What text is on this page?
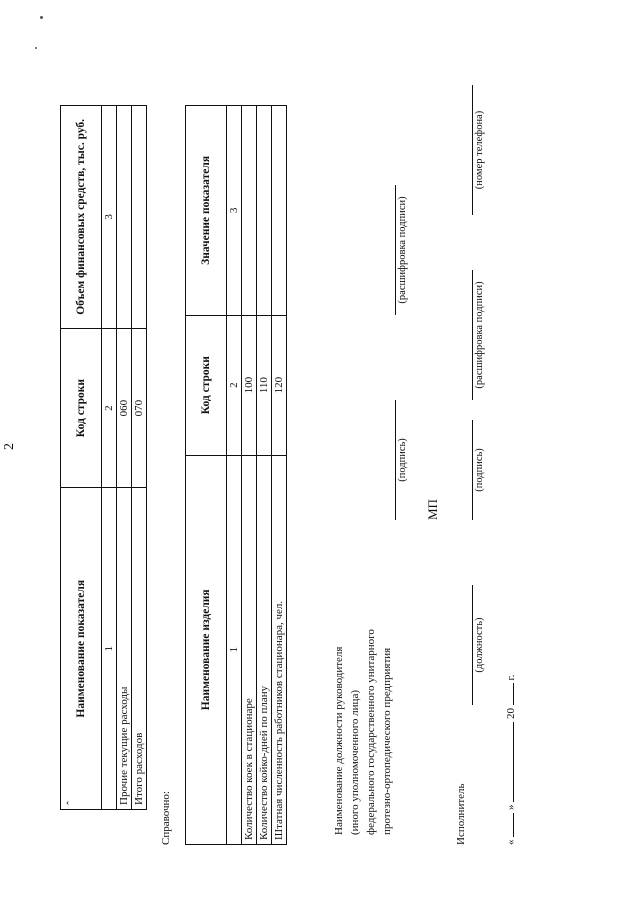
2
ˆ
Наименование показателя	Код строки	Объем финансовых средств, тыс. руб.
1	2	3
Прочие текущие расходы	060	
Итого расходов	070	
Справочно:
Наименование изделия	Код строки	Значение показателя
1	2	3
Количество коек в стационаре	100	
Количество койко-дней по плану	110	
Штатная численность работников стационара, чел.	120	
Наименование должности руководителя (иного уполномоченного лица) федерального государственного унитарного протезно-ортопедического предприятия
(подпись)
(расшифровка подписи)
МП
Исполнитель
(должность)
(подпись)
(расшифровка подписи)
(номер телефона)
«  »  20  г.
